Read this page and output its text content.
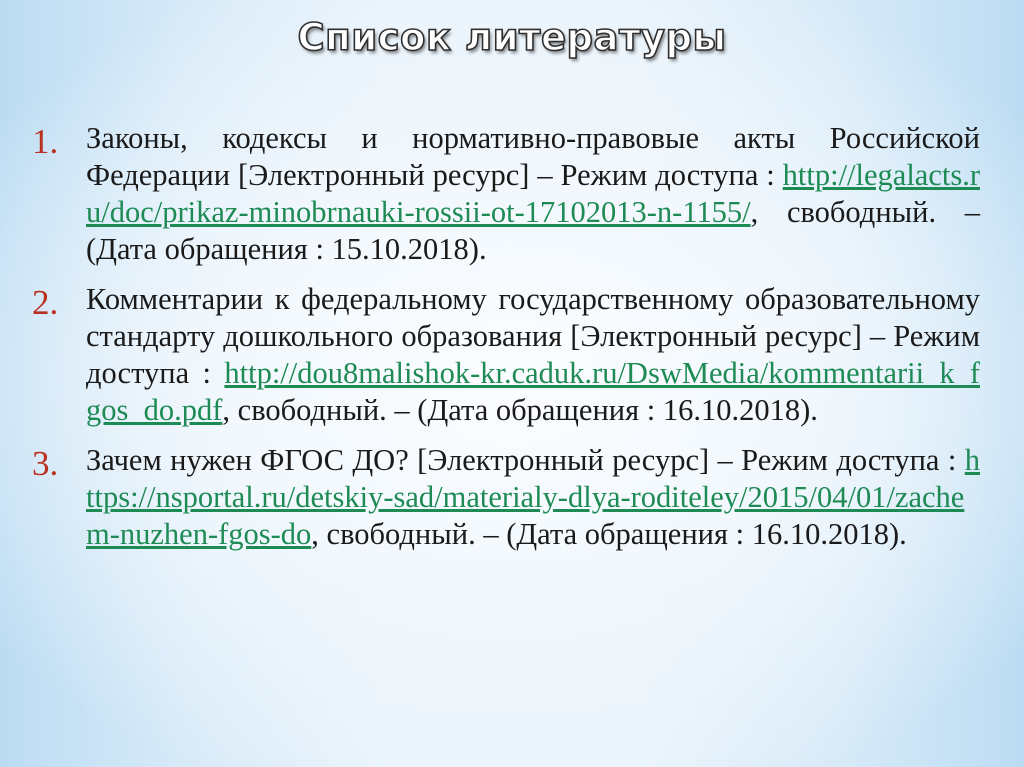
Список литературы
1. Законы, кодексы и нормативно-правовые акты Российской Федерации [Электронный ресурс] – Режим доступа : http://legalacts.ru/doc/prikaz-minobrnauki-rossii-ot-17102013-n-1155/, свободный. – (Дата обращения : 15.10.2018).
2. Комментарии к федеральному государственному образовательному стандарту дошкольного образования [Электронный ресурс] – Режим доступа : http://dou8malishok-kr.caduk.ru/DswMedia/kommentarii_k_fgos_do.pdf, свободный. – (Дата обращения : 16.10.2018).
3. Зачем нужен ФГОС ДО? [Электронный ресурс] – Режим доступа : https://nsportal.ru/detskiy-sad/materialy-dlya-roditeley/2015/04/01/zachem-nuzhen-fgos-do, свободный. – (Дата обращения : 16.10.2018).
